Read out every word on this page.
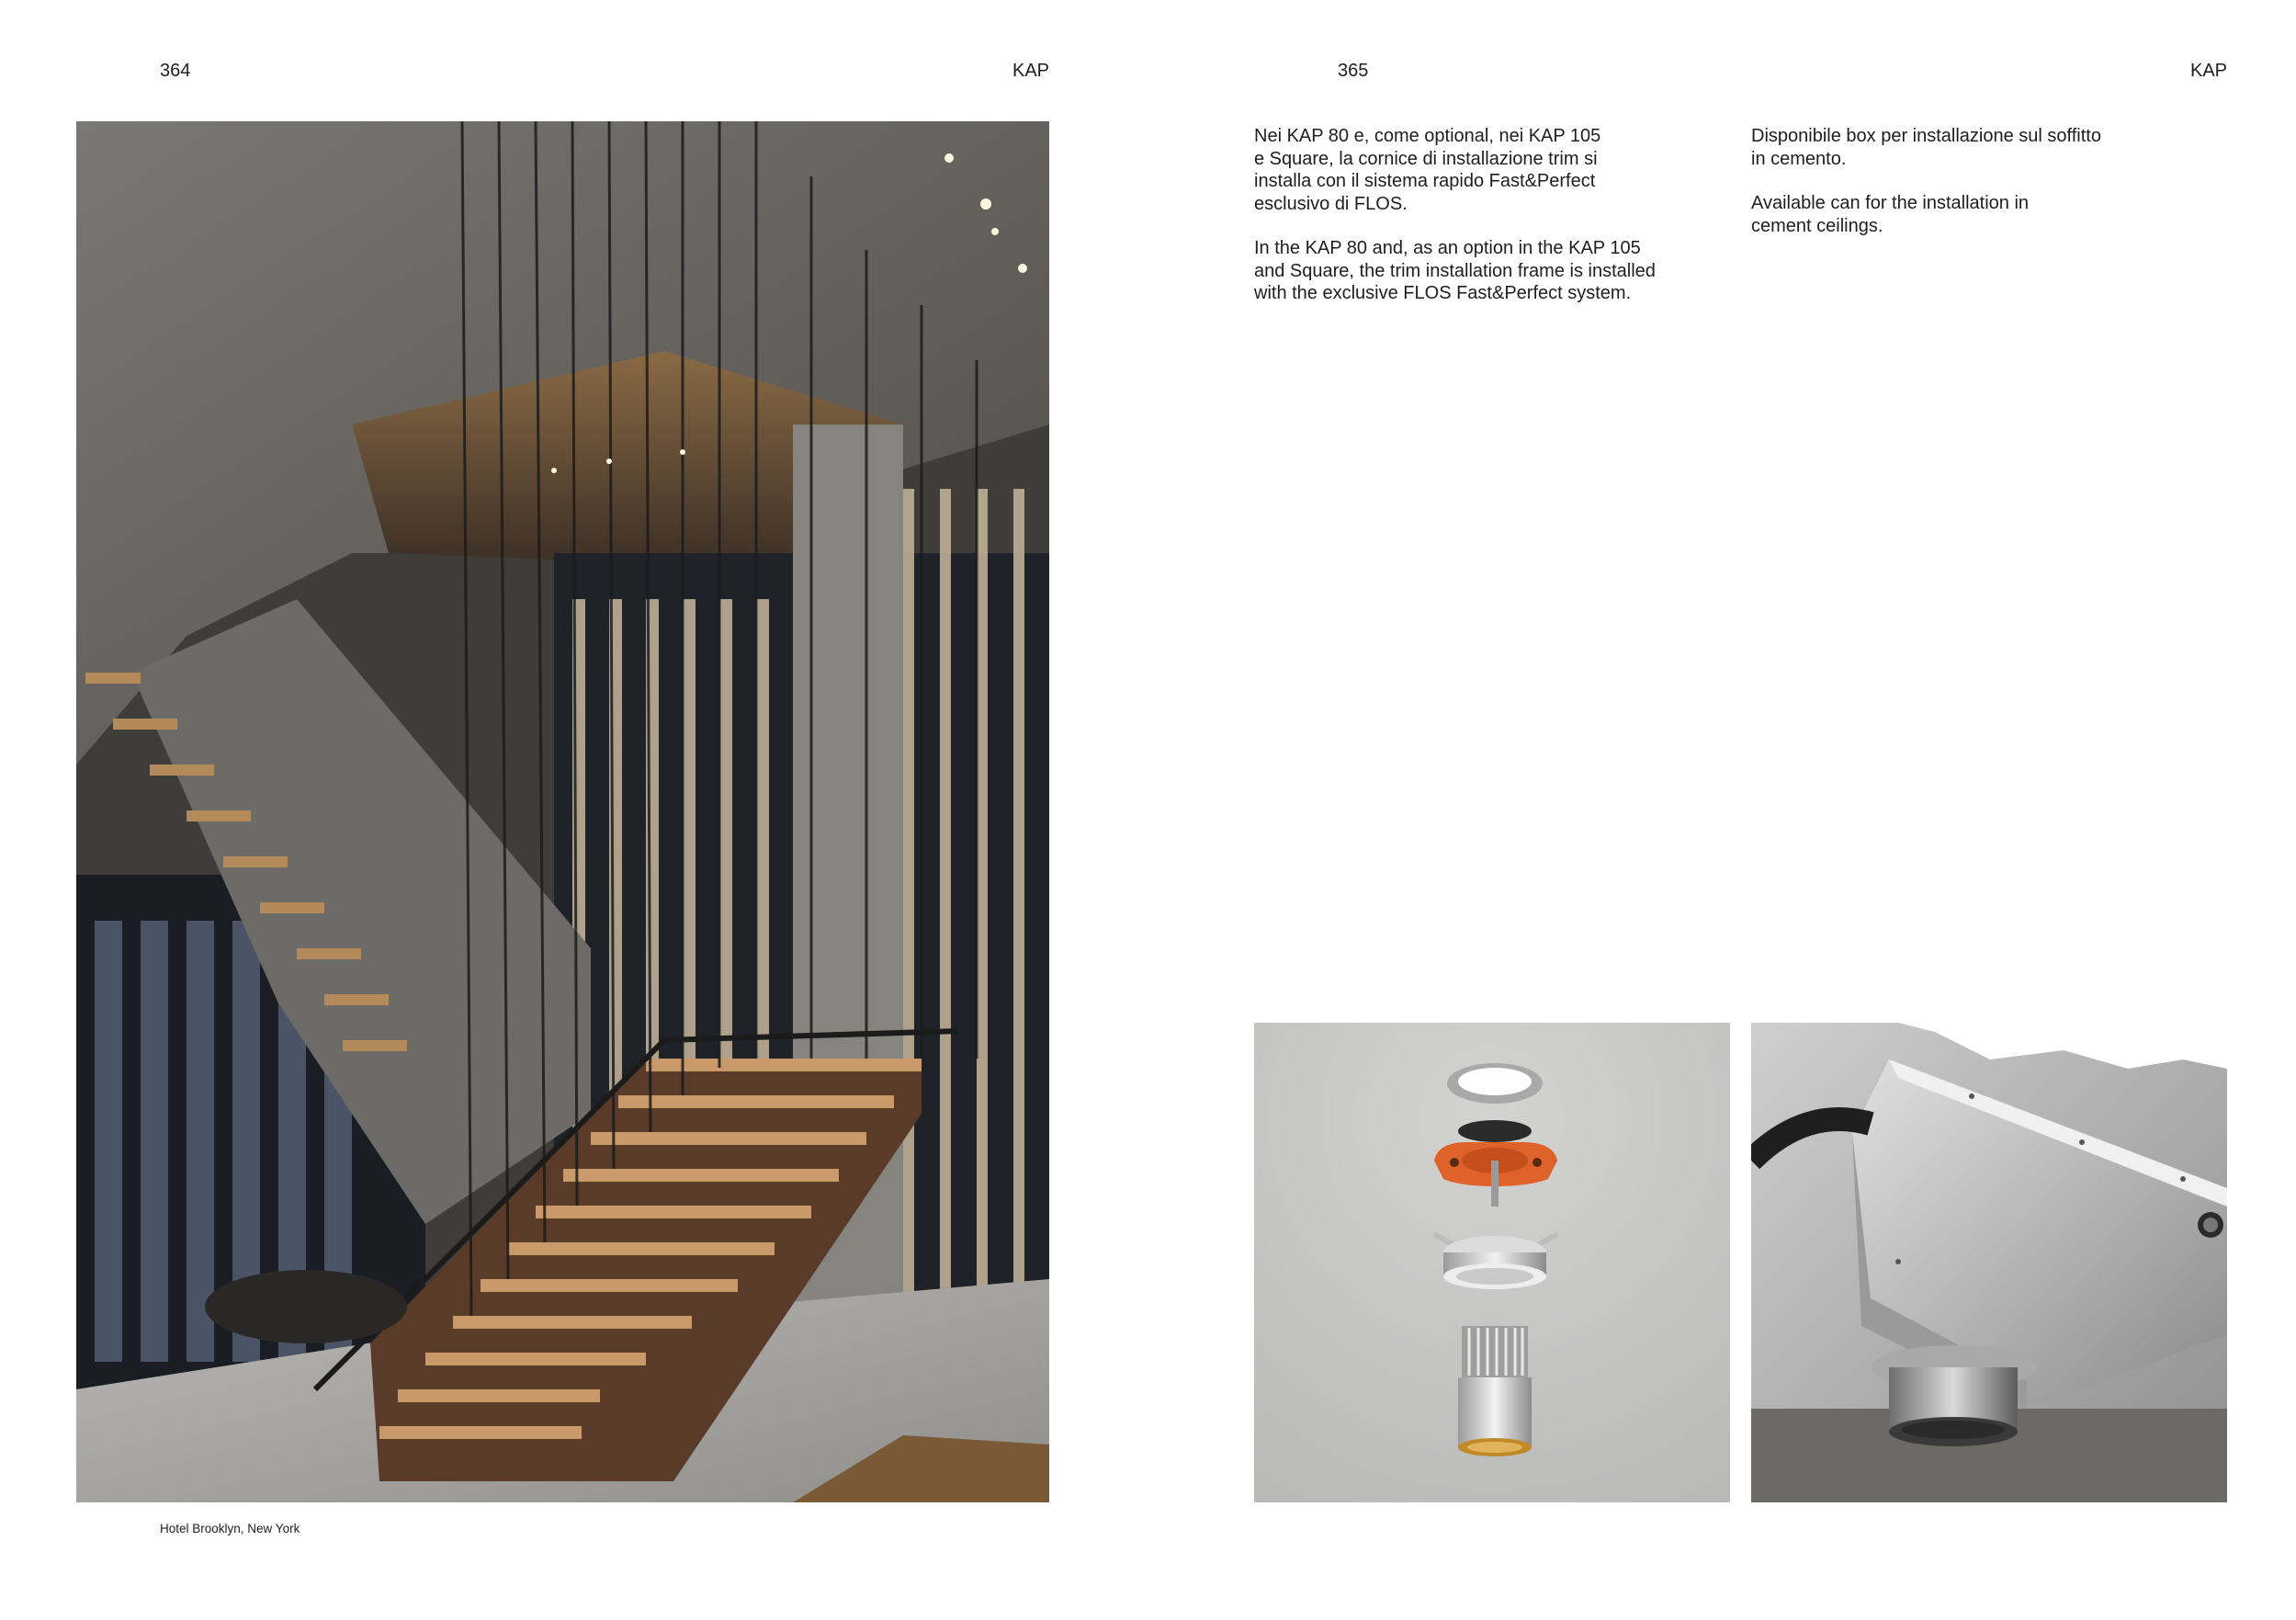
364	KAP
Hotel Brooklyn, New York
365	KAP

Nei KAP 80 e, come optional, nei KAP 105
e Square, la cornice di installazione trim si
installa con il sistema rapido Fast&Perfect
esclusivo di FLOS.

In the KAP 80 and, as an option in the KAP 105
and Square, the trim installation frame is installed
with the exclusive FLOS Fast&Perfect system.

Disponibile box per installazione sul soffitto
in cemento.

Available can for the installation in
cement ceilings.
